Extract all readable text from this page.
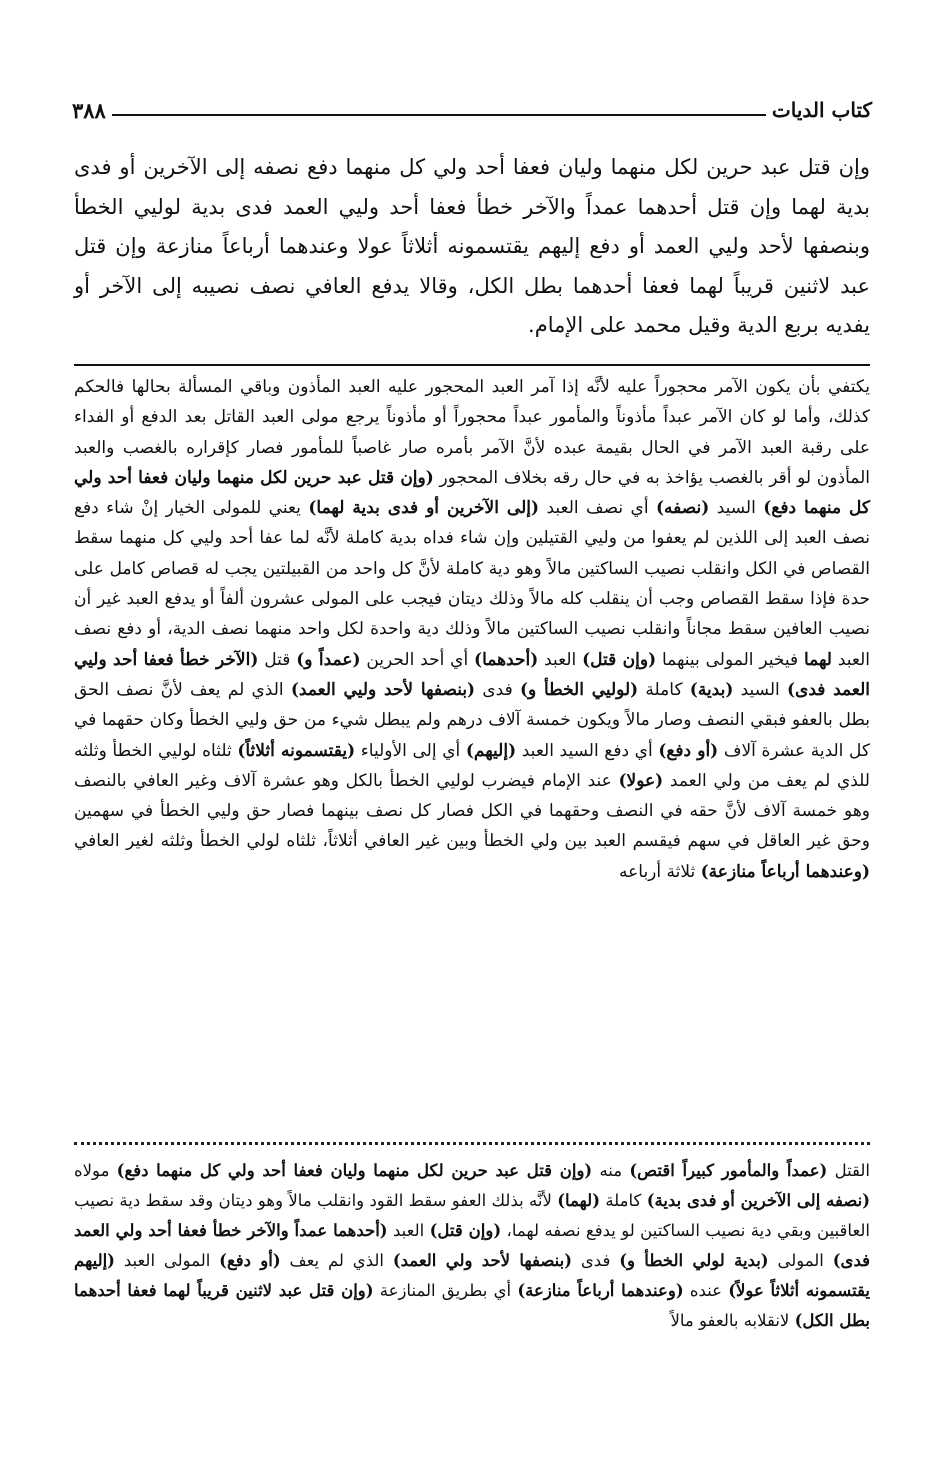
٣٨٨	كتاب الديات

وإن قتل عبد حرين لكل منهما وليان فعفا أحد ولي كل منهما دفع نصفه إلى الآخرين أو فدى بدية لهما وإن قتل أحدهما عمداً والآخر خطأ فعفا أحد وليي العمد فدى بدية لوليي الخطأ وبنصفها لأحد وليي العمد أو دفع إليهم يقتسمونه أثلاثاً عولا وعندهما أرباعاً منازعة وإن قتل عبد لاثنين قريباً لهما فعفا أحدهما بطل الكل، وقالا يدفع العافي نصف نصيبه إلى الآخر أو يفديه بربع الدية وقيل محمد على الإمام.

يكتفي بأن يكون الآمر محجوراً عليه لأنَّه إذا آمر العبد المحجور عليه العبد المأذون وباقي المسألة بحالها فالحكم كذلك، وأما لو كان الآمر عبداً مأذوناً والمأمور عبداً محجوراً أو مأذوناً يرجع مولى العبد القاتل بعد الدفع أو الفداء على رقبة العبد الآمر في الحال بقيمة عبده لأنَّ الآمر بأمره صار غاصباً للمأمور فصار كإقراره بالغصب والعبد المأذون لو أقر بالغصب يؤاخذ به في حال رقه بخلاف المحجور (وإن قتل عبد حرين لكل منهما وليان فعفا أحد ولي كل منهما دفع) السيد (نصفه) أي نصف العبد (إلى الآخرين أو فدى بدية لهما) يعني للمولى الخيار إنْ شاء دفع نصف العبد إلى اللذين لم يعفوا من وليي القتيلين وإن شاء فداه بدية كاملة لأنَّه لما عفا أحد وليي كل منهما سقط القصاص في الكل وانقلب نصيب الساكتين مالاً وهو دية كاملة لأنَّ كل واحد من القبيلتين يجب له قصاص كامل على حدة فإذا سقط القصاص وجب أن ينقلب كله مالاً وذلك ديتان فيجب على المولى عشرون ألفاً أو يدفع العبد غير أن نصيب العافين سقط مجاناً وانقلب نصيب الساكتين مالاً وذلك دية واحدة لكل واحد منهما نصف الدية، أو دفع نصف العبد لهما فيخير المولى بينهما (وإن قتل) العبد (أحدهما) أي أحد الحرين (عمداً و) قتل (الآخر خطأ فعفا أحد وليي العمد فدى) السيد (بدية) كاملة (لوليي الخطأ و) فدى (بنصفها لأحد وليي العمد) الذي لم يعف لأنَّ نصف الحق بطل بالعفو فبقي النصف وصار مالاً ويكون خمسة آلاف درهم ولم يبطل شيء من حق وليي الخطأ وكان حقهما في كل الدية عشرة آلاف (أو دفع) أي دفع السيد العبد (إليهم) أي إلى الأولياء (يقتسمونه أثلاثاً) ثلثاه لوليي الخطأ وثلثه للذي لم يعف من ولي العمد (عولا) عند الإمام فيضرب لوليي الخطأ بالكل وهو عشرة آلاف وغير العافي بالنصف وهو خمسة آلاف لأنَّ حقه في النصف وحقهما في الكل فصار كل نصف بينهما فصار حق وليي الخطأ في سهمين وحق غير العاقل في سهم فيقسم العبد بين ولي الخطأ وبين غير العافي أثلاثاً، ثلثاه لولي الخطأ وثلثه لغير العافي (وعندهما أرباعاً منازعة) ثلاثة أرباعه

القتل (عمداً والمأمور كبيراً اقتص) منه (وإن قتل عبد حرين لكل منهما وليان فعفا أحد ولي كل منهما دفع) مولاه (نصفه إلى الآخرين أو فدى بدية) كاملة (لهما) لأنَّه بذلك العفو سقط القود وانقلب مالاً وهو ديتان وقد سقط دية نصيب العاقبين وبقي دية نصيب الساكتين لو يدفع نصفه لهما، (وإن قتل) العبد (أحدهما عمداً والآخر خطأ فعفا أحد ولي العمد فدى) المولى (بدية لولي الخطأ و) فدى (بنصفها لأحد ولي العمد) الذي لم يعف (أو دفع) المولى العبد (إليهم يقتسمونه أثلاثاً عولاً) عنده (وعندهما أرباعاً منازعة) أي بطريق المنازعة (وإن قتل عبد لاثنين قريباً لهما فعفا أحدهما بطل الكل) لانقلابه بالعفو مالاً
